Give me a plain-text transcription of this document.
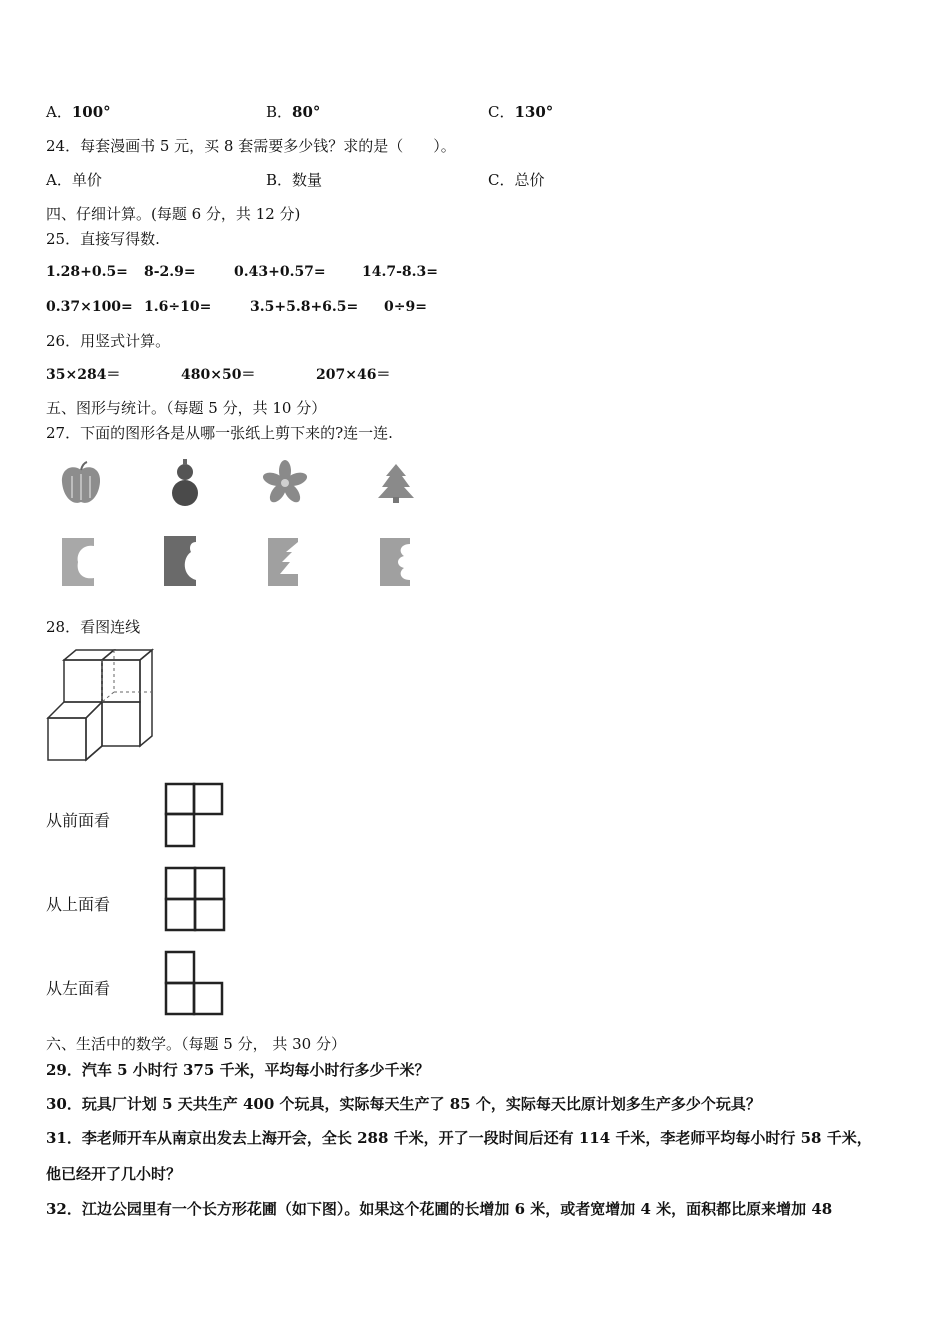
A．100°	B．80°	C．130°
24．每套漫画书 5 元，买 8 套需要多少钱？求的是（　　）。
A．单价	B．数量	C．总价
四、仔细计算。(每题 6 分，共 12 分)
25．直接写得数.
1.28+0.5= 8-2.9=	0.43+0.57=	14.7-8.3=
0.37×100= 1.6÷10=	3.5+5.8+6.5= 0÷9=
26．用竖式计算。
35×284＝	480×50＝	207×46＝
五、图形与统计。（每题 5 分，共 10 分）
27．下面的图形各是从哪一张纸上剪下来的?连一连.
28．看图连线
从前面看
从上面看
从左面看
六、生活中的数学。（每题 5 分， 共 30 分）
29．汽车 5 小时行 375 千米，平均每小时行多少千米？
30．玩具厂计划 5 天共生产 400 个玩具，实际每天生产了 85 个，实际每天比原计划多生产多少个玩具？
31．李老师开车从南京出发去上海开会，全长 288 千米，开了一段时间后还有 114 千米，李老师平均每小时行 58 千米，
他已经开了几小时？
32．江边公园里有一个长方形花圃（如下图）。如果这个花圃的长增加 6 米，或者宽增加 4 米，面积都比原来增加 48
